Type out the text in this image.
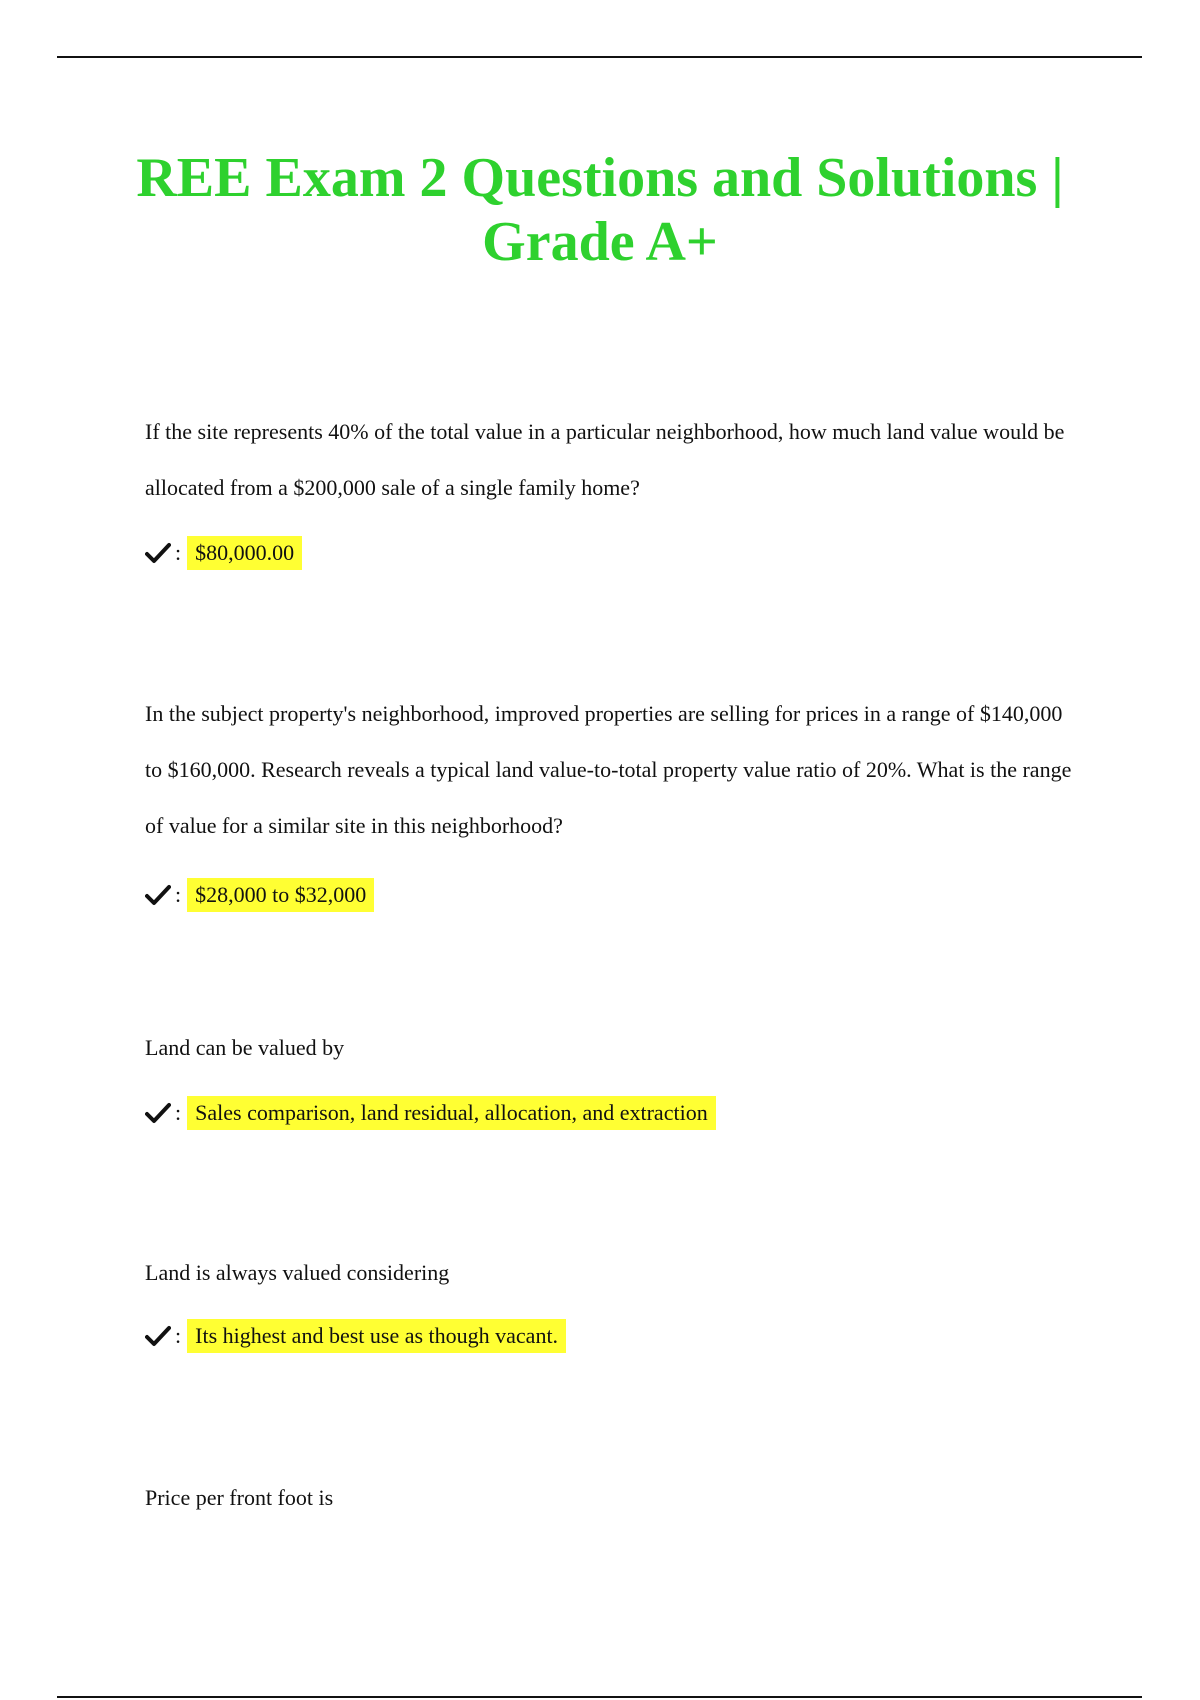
REE Exam 2 Questions and Solutions | Grade A+

If the site represents 40% of the total value in a particular neighborhood, how much land value would be allocated from a $200,000 sale of a single family home?

: $80,000.00

In the subject property's neighborhood, improved properties are selling for prices in a range of $140,000 to $160,000. Research reveals a typical land value-to-total property value ratio of 20%. What is the range of value for a similar site in this neighborhood?

: $28,000 to $32,000

Land can be valued by

: Sales comparison, land residual, allocation, and extraction

Land is always valued considering

: Its highest and best use as though vacant.

Price per front foot is
